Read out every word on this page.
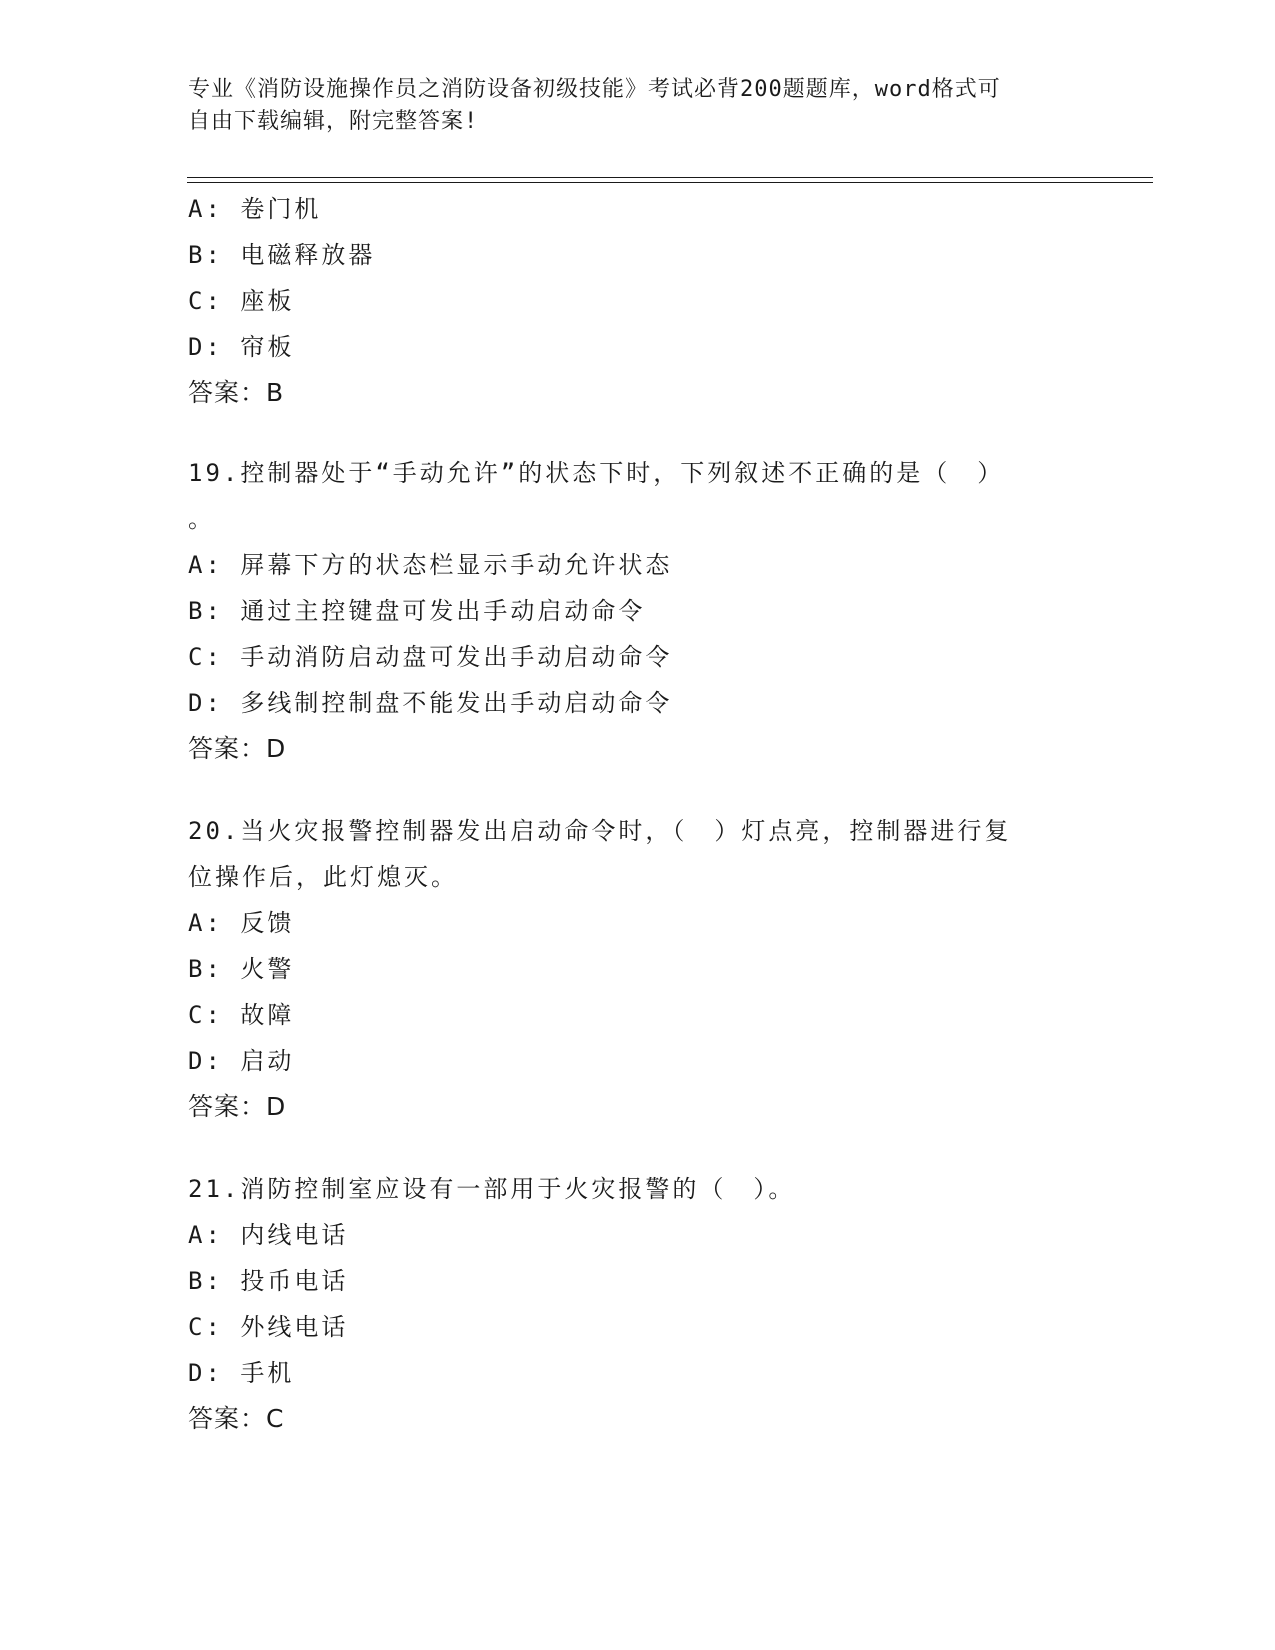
专业《消防设施操作员之消防设备初级技能》考试必背200题题库，word格式可
自由下载编辑，附完整答案!
A: 卷门机
B: 电磁释放器
C: 座板
D: 帘板
答案：B
19.控制器处于“手动允许”的状态下时，下列叙述不正确的是（　）
。
A: 屏幕下方的状态栏显示手动允许状态
B: 通过主控键盘可发出手动启动命令
C: 手动消防启动盘可发出手动启动命令
D: 多线制控制盘不能发出手动启动命令
答案：D
20.当火灾报警控制器发出启动命令时，（　）灯点亮，控制器进行复
位操作后，此灯熄灭。
A: 反馈
B: 火警
C: 故障
D: 启动
答案：D
21.消防控制室应设有一部用于火灾报警的（　）。
A: 内线电话
B: 投币电话
C: 外线电话
D: 手机
答案：C
